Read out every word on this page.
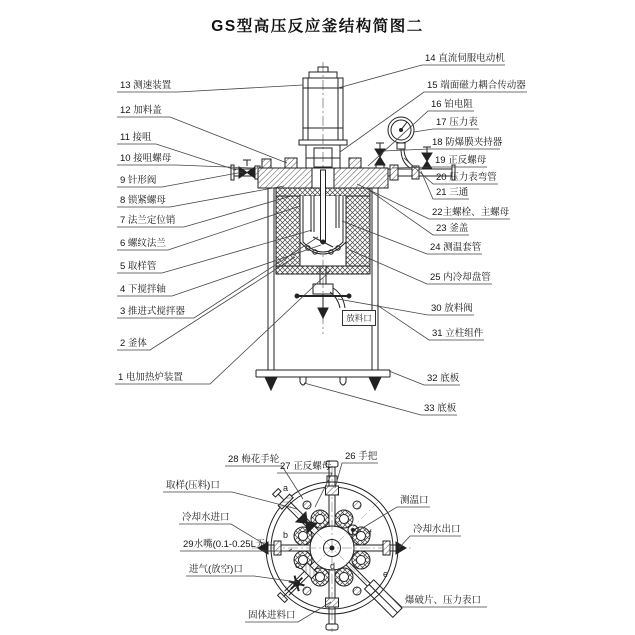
GS型高压反应釜结构简图二
放料口
13 测速装置
12 加料盖
11 接咀
10 接咀螺母
9 针形阀
8 锁紧螺母
7 法兰定位销
6 螺纹法兰
5 取样管
4 下搅拌轴
3 推进式搅拌器
2 釜体
1 电加热炉装置
14 直流伺服电动机
15 端面磁力耦合传动器
16 铂电阻
17 压力表
18 防爆膜夹持器
19 正反螺母
20 压力表弯管
21 三通
22主螺栓、主螺母
23 釜盖
24 测温套管
25 内冷却盘管
30 放料阀
31 立柱组件
32 底板
33 底板
28 梅花手轮
27 正反螺母
26 手把
取样(压料)口
测温口
冷却水进口
29水嘴(0.1-0.25L无)
冷却水出口
进气(放空)口
爆破片、压力表口
固体进料口
a
b
c	d
e
f
